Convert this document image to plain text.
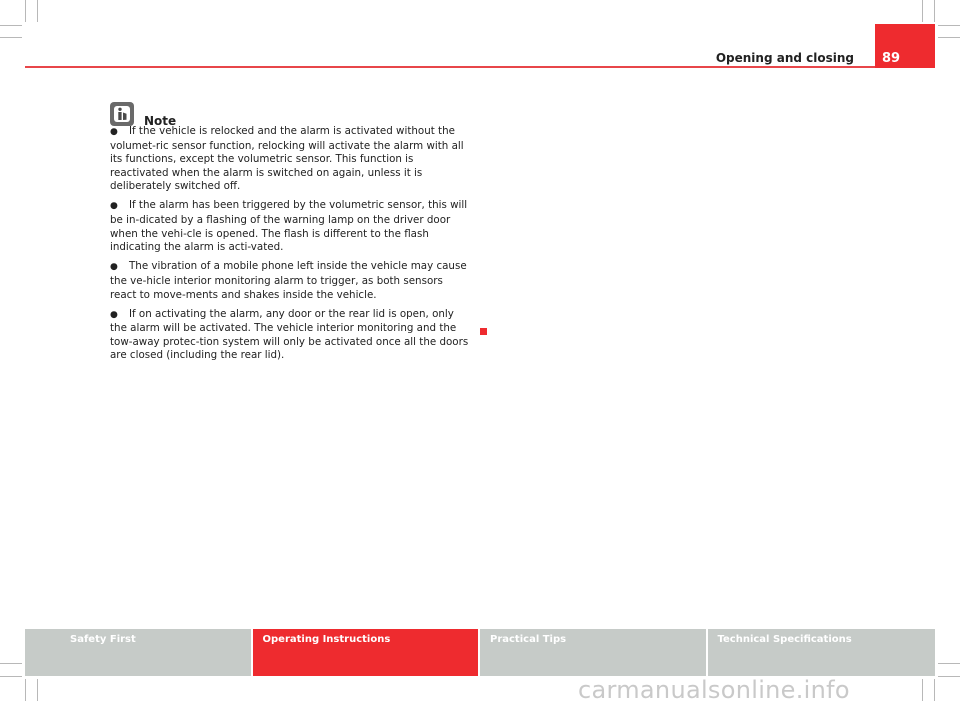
Opening and closing	89
Note

● If the vehicle is relocked and the alarm is activated without the volumet-ric sensor function, relocking will activate the alarm with all its functions, except the volumetric sensor. This function is reactivated when the alarm is switched on again, unless it is deliberately switched off.

● If the alarm has been triggered by the volumetric sensor, this will be in-dicated by a flashing of the warning lamp on the driver door when the vehi-cle is opened. The flash is different to the flash indicating the alarm is acti-vated.

● The vibration of a mobile phone left inside the vehicle may cause the ve-hicle interior monitoring alarm to trigger, as both sensors react to move-ments and shakes inside the vehicle.

● If on activating the alarm, any door or the rear lid is open, only the alarm will be activated. The vehicle interior monitoring and the tow-away protec-tion system will only be activated once all the doors are closed (including the rear lid).

Safety First	Operating Instructions	Practical Tips	Technical Specifications
carmanualsonline.info
